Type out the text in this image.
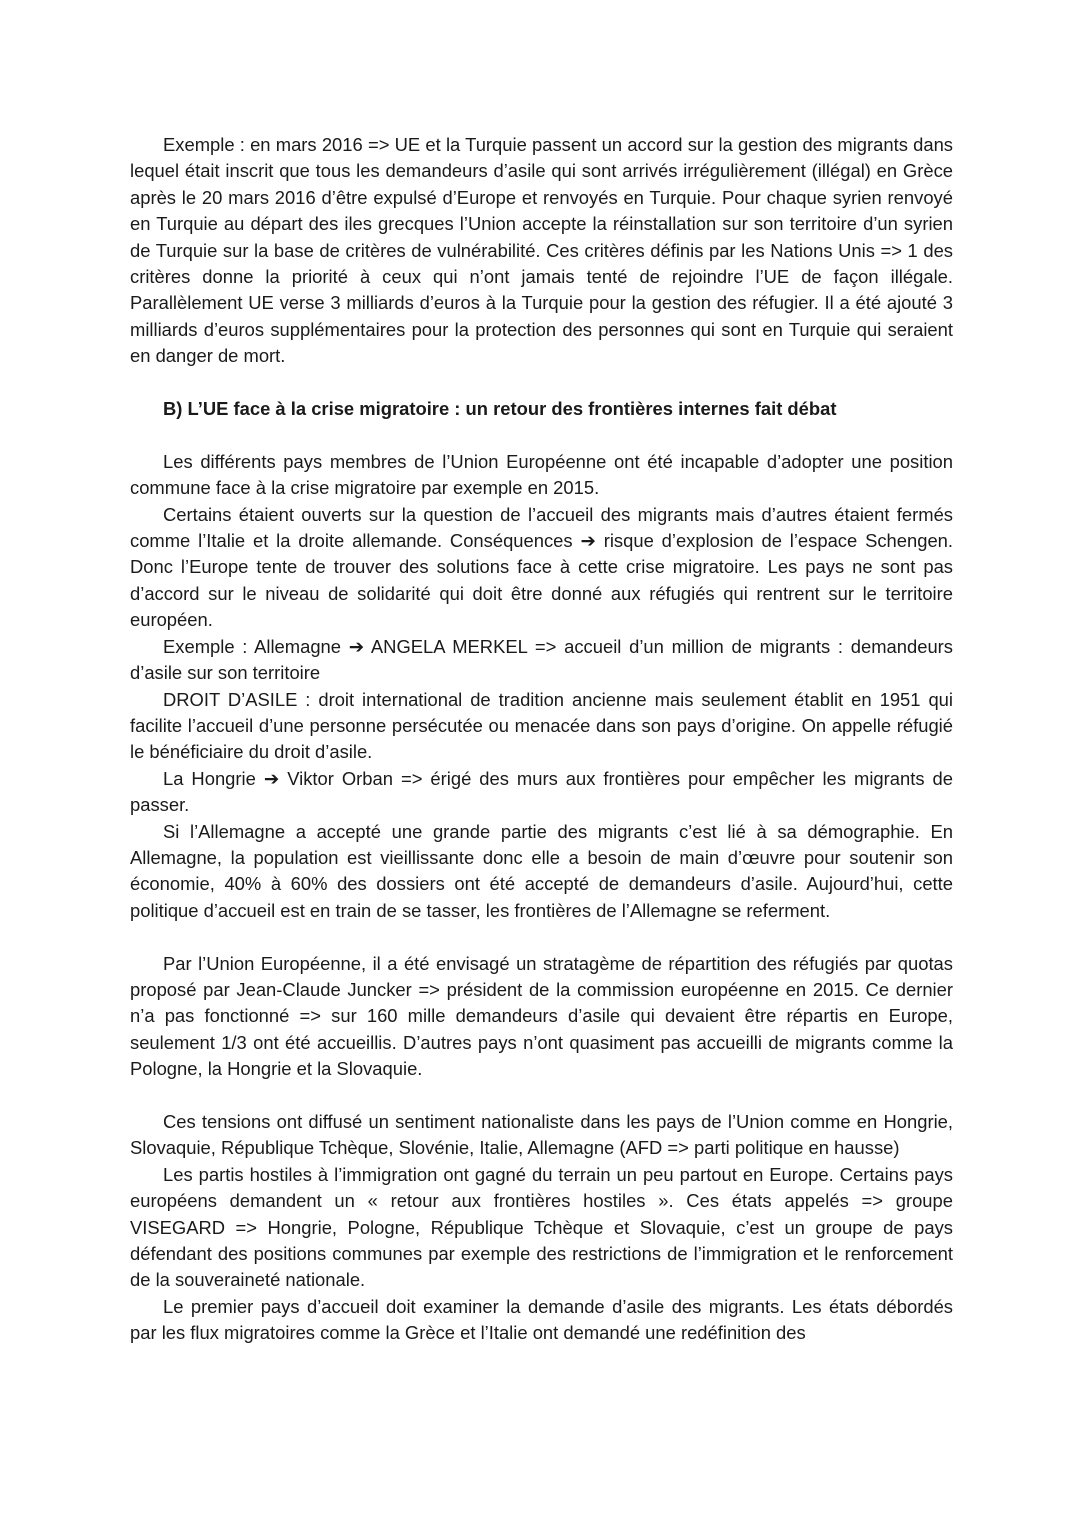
Exemple : en mars 2016 => UE et la Turquie passent un accord sur la gestion des migrants dans lequel était inscrit que tous les demandeurs d’asile qui sont arrivés irrégulièrement (illégal) en Grèce après le 20 mars 2016 d’être expulsé d’Europe et renvoyés en Turquie. Pour chaque syrien renvoyé en Turquie au départ des iles grecques l’Union accepte la réinstallation sur son territoire d’un syrien de Turquie sur la base de critères de vulnérabilité. Ces critères définis par les Nations Unis => 1 des critères donne la priorité à ceux qui n’ont jamais tenté de rejoindre l’UE de façon illégale. Parallèlement UE verse 3 milliards d’euros à la Turquie pour la gestion des réfugier. Il a été ajouté 3 milliards d’euros supplémentaires pour la protection des personnes qui sont en Turquie qui seraient en danger de mort.

B) L’UE face à la crise migratoire : un retour des frontières internes fait débat

Les différents pays membres de l’Union Européenne ont été incapable d’adopter une position commune face à la crise migratoire par exemple en 2015.

Certains étaient ouverts sur la question de l’accueil des migrants mais d’autres étaient fermés comme l’Italie et la droite allemande. Conséquences ➔ risque d’explosion de l’espace Schengen. Donc l’Europe tente de trouver des solutions face à cette crise migratoire. Les pays ne sont pas d’accord sur le niveau de solidarité qui doit être donné aux réfugiés qui rentrent sur le territoire européen.

Exemple : Allemagne ➔ ANGELA MERKEL => accueil d’un million de migrants : demandeurs d’asile sur son territoire

DROIT D’ASILE : droit international de tradition ancienne mais seulement établit en 1951 qui facilite l’accueil d’une personne persécutée ou menacée dans son pays d’origine. On appelle réfugié le bénéficiaire du droit d’asile.

La Hongrie ➔ Viktor Orban => érigé des murs aux frontières pour empêcher les migrants de passer.

Si l’Allemagne a accepté une grande partie des migrants c’est lié à sa démographie. En Allemagne, la population est vieillissante donc elle a besoin de main d’œuvre pour soutenir son économie, 40% à 60% des dossiers ont été accepté de demandeurs d’asile. Aujourd’hui, cette politique d’accueil est en train de se tasser, les frontières de l’Allemagne se referment.

Par l’Union Européenne, il a été envisagé un stratagème de répartition des réfugiés par quotas proposé par Jean-Claude Juncker => président de la commission européenne en 2015. Ce dernier n’a pas fonctionné => sur 160 mille demandeurs d’asile qui devaient être répartis en Europe, seulement 1/3 ont été accueillis. D’autres pays n’ont quasiment pas accueilli de migrants comme la Pologne, la Hongrie et la Slovaquie.

Ces tensions ont diffusé un sentiment nationaliste dans les pays de l’Union comme en Hongrie, Slovaquie, République Tchèque, Slovénie, Italie, Allemagne (AFD => parti politique en hausse)

Les partis hostiles à l’immigration ont gagné du terrain un peu partout en Europe. Certains pays européens demandent un « retour aux frontières hostiles ». Ces états appelés => groupe VISEGARD => Hongrie, Pologne, République Tchèque et Slovaquie, c’est un groupe de pays défendant des positions communes par exemple des restrictions de l’immigration et le renforcement de la souveraineté nationale.

Le premier pays d’accueil doit examiner la demande d’asile des migrants. Les états débordés par les flux migratoires comme la Grèce et l’Italie ont demandé une redéfinition des
